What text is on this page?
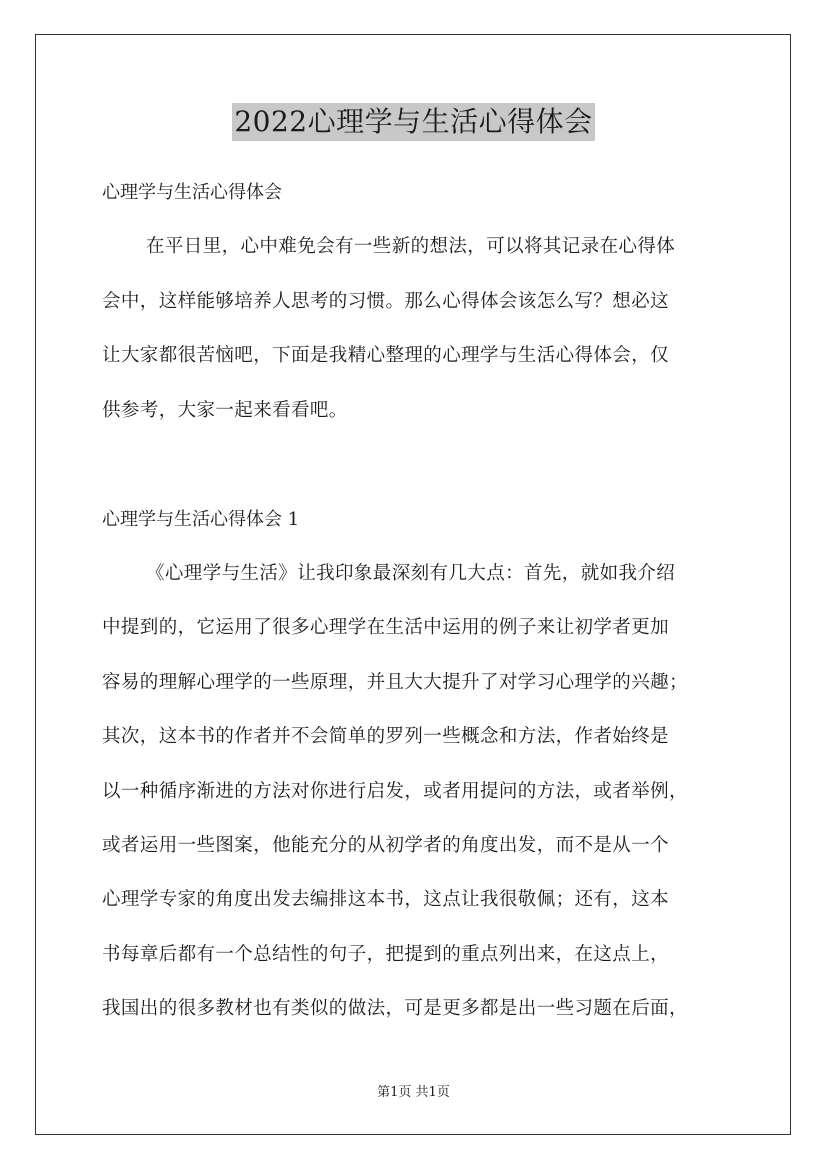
2022心理学与生活心得体会
心理学与生活心得体会
在平日里，心中难免会有一些新的想法，可以将其记录在心得体
会中，这样能够培养人思考的习惯。那么心得体会该怎么写？想必这
让大家都很苦恼吧，下面是我精心整理的心理学与生活心得体会，仅
供参考，大家一起来看看吧。
心理学与生活心得体会 1
《心理学与生活》让我印象最深刻有几大点：首先，就如我介绍
中提到的，它运用了很多心理学在生活中运用的例子来让初学者更加
容易的理解心理学的一些原理，并且大大提升了对学习心理学的兴趣；
其次，这本书的作者并不会简单的罗列一些概念和方法，作者始终是
以一种循序渐进的方法对你进行启发，或者用提问的方法，或者举例，
或者运用一些图案，他能充分的从初学者的角度出发，而不是从一个
心理学专家的角度出发去编排这本书，这点让我很敬佩；还有，这本
书每章后都有一个总结性的句子，把提到的重点列出来，在这点上，
我国出的很多教材也有类似的做法，可是更多都是出一些习题在后面，
第1页 共1页
